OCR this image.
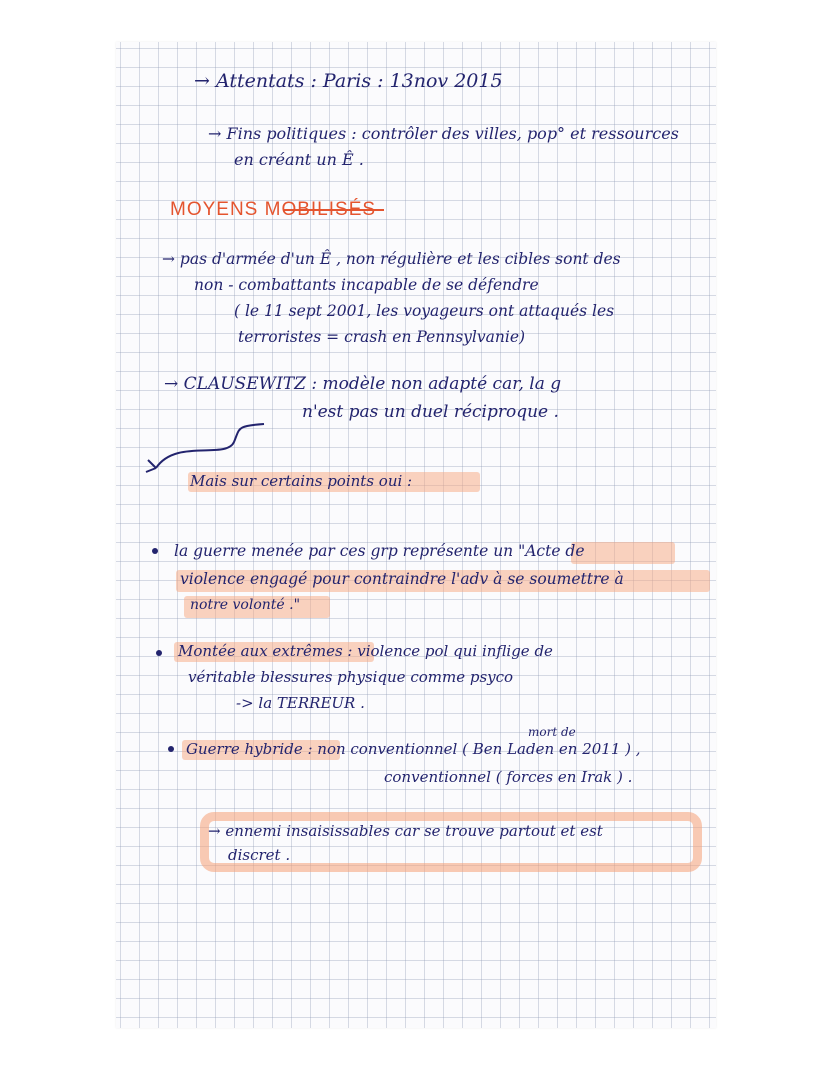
→ Attentats : Paris : 13nov 2015
→ Fins politiques : contrôler des villes, pop° et ressources
en créant un Ê .
MOYENS MOBILISÉS
→ pas d'armée d'un Ê , non régulière et les cibles sont des
non - combattants incapable de se défendre
( le 11 sept 2001, les voyageurs ont attaqués les
terroristes = crash en Pennsylvanie)
→ CLAUSEWITZ : modèle non adapté car, la g
n'est pas un duel réciproque .
Mais sur certains points oui :
la guerre menée par ces grp représente un "Acte de
violence engagé pour contraindre l'adv à se soumettre à
notre volonté ."
Montée aux extrêmes : violence pol qui inflige de
véritable blessures physique comme psyco
-> la TERREUR .
mort de
Guerre hybride : non conventionnel ( Ben Laden en 2011 ) ,
conventionnel ( forces en Irak ) .
→ ennemi insaisissables car se trouve partout et est
discret .
